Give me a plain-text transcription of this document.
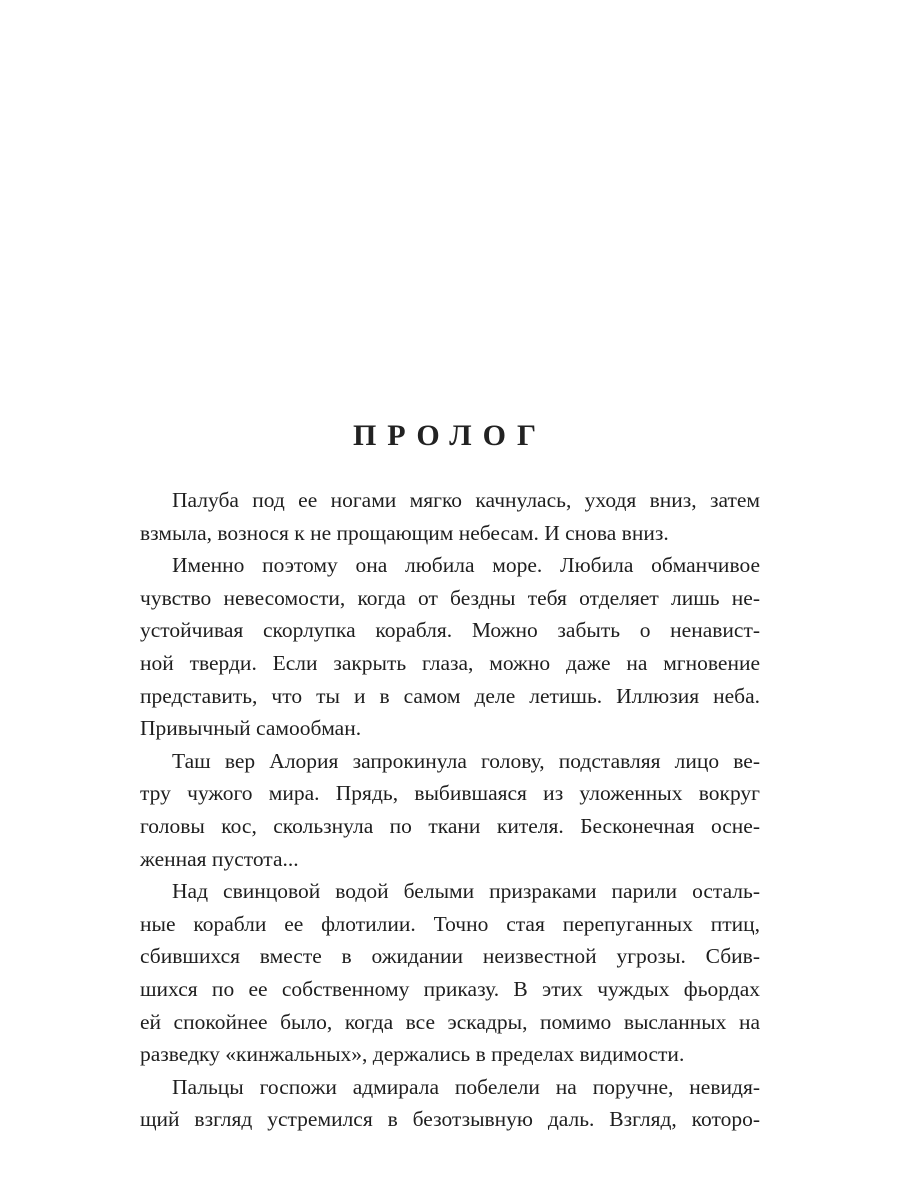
ПРОЛОГ
Палуба под ее ногами мягко качнулась, уходя вниз, затем
взмыла, вознося к не прощающим небесам. И снова вниз.
Именно поэтому она любила море. Любила обманчивое
чувство невесомости, когда от бездны тебя отделяет лишь не-
устойчивая скорлупка корабля. Можно забыть о ненавист-
ной тверди. Если закрыть глаза, можно даже на мгновение
представить, что ты и в самом деле летишь. Иллюзия неба.
Привычный самообман.
Таш вер Алория запрокинула голову, подставляя лицо ве-
тру чужого мира. Прядь, выбившаяся из уложенных вокруг
головы кос, скользнула по ткани кителя. Бесконечная осне-
женная пустота...
Над свинцовой водой белыми призраками парили осталь-
ные корабли ее флотилии. Точно стая перепуганных птиц,
сбившихся вместе в ожидании неизвестной угрозы. Сбив-
шихся по ее собственному приказу. В этих чуждых фьордах
ей спокойнее было, когда все эскадры, помимо высланных на
разведку «кинжальных», держались в пределах видимости.
Пальцы госпожи адмирала побелели на поручне, невидя-
щий взгляд устремился в безотзывную даль. Взгляд, которо-
